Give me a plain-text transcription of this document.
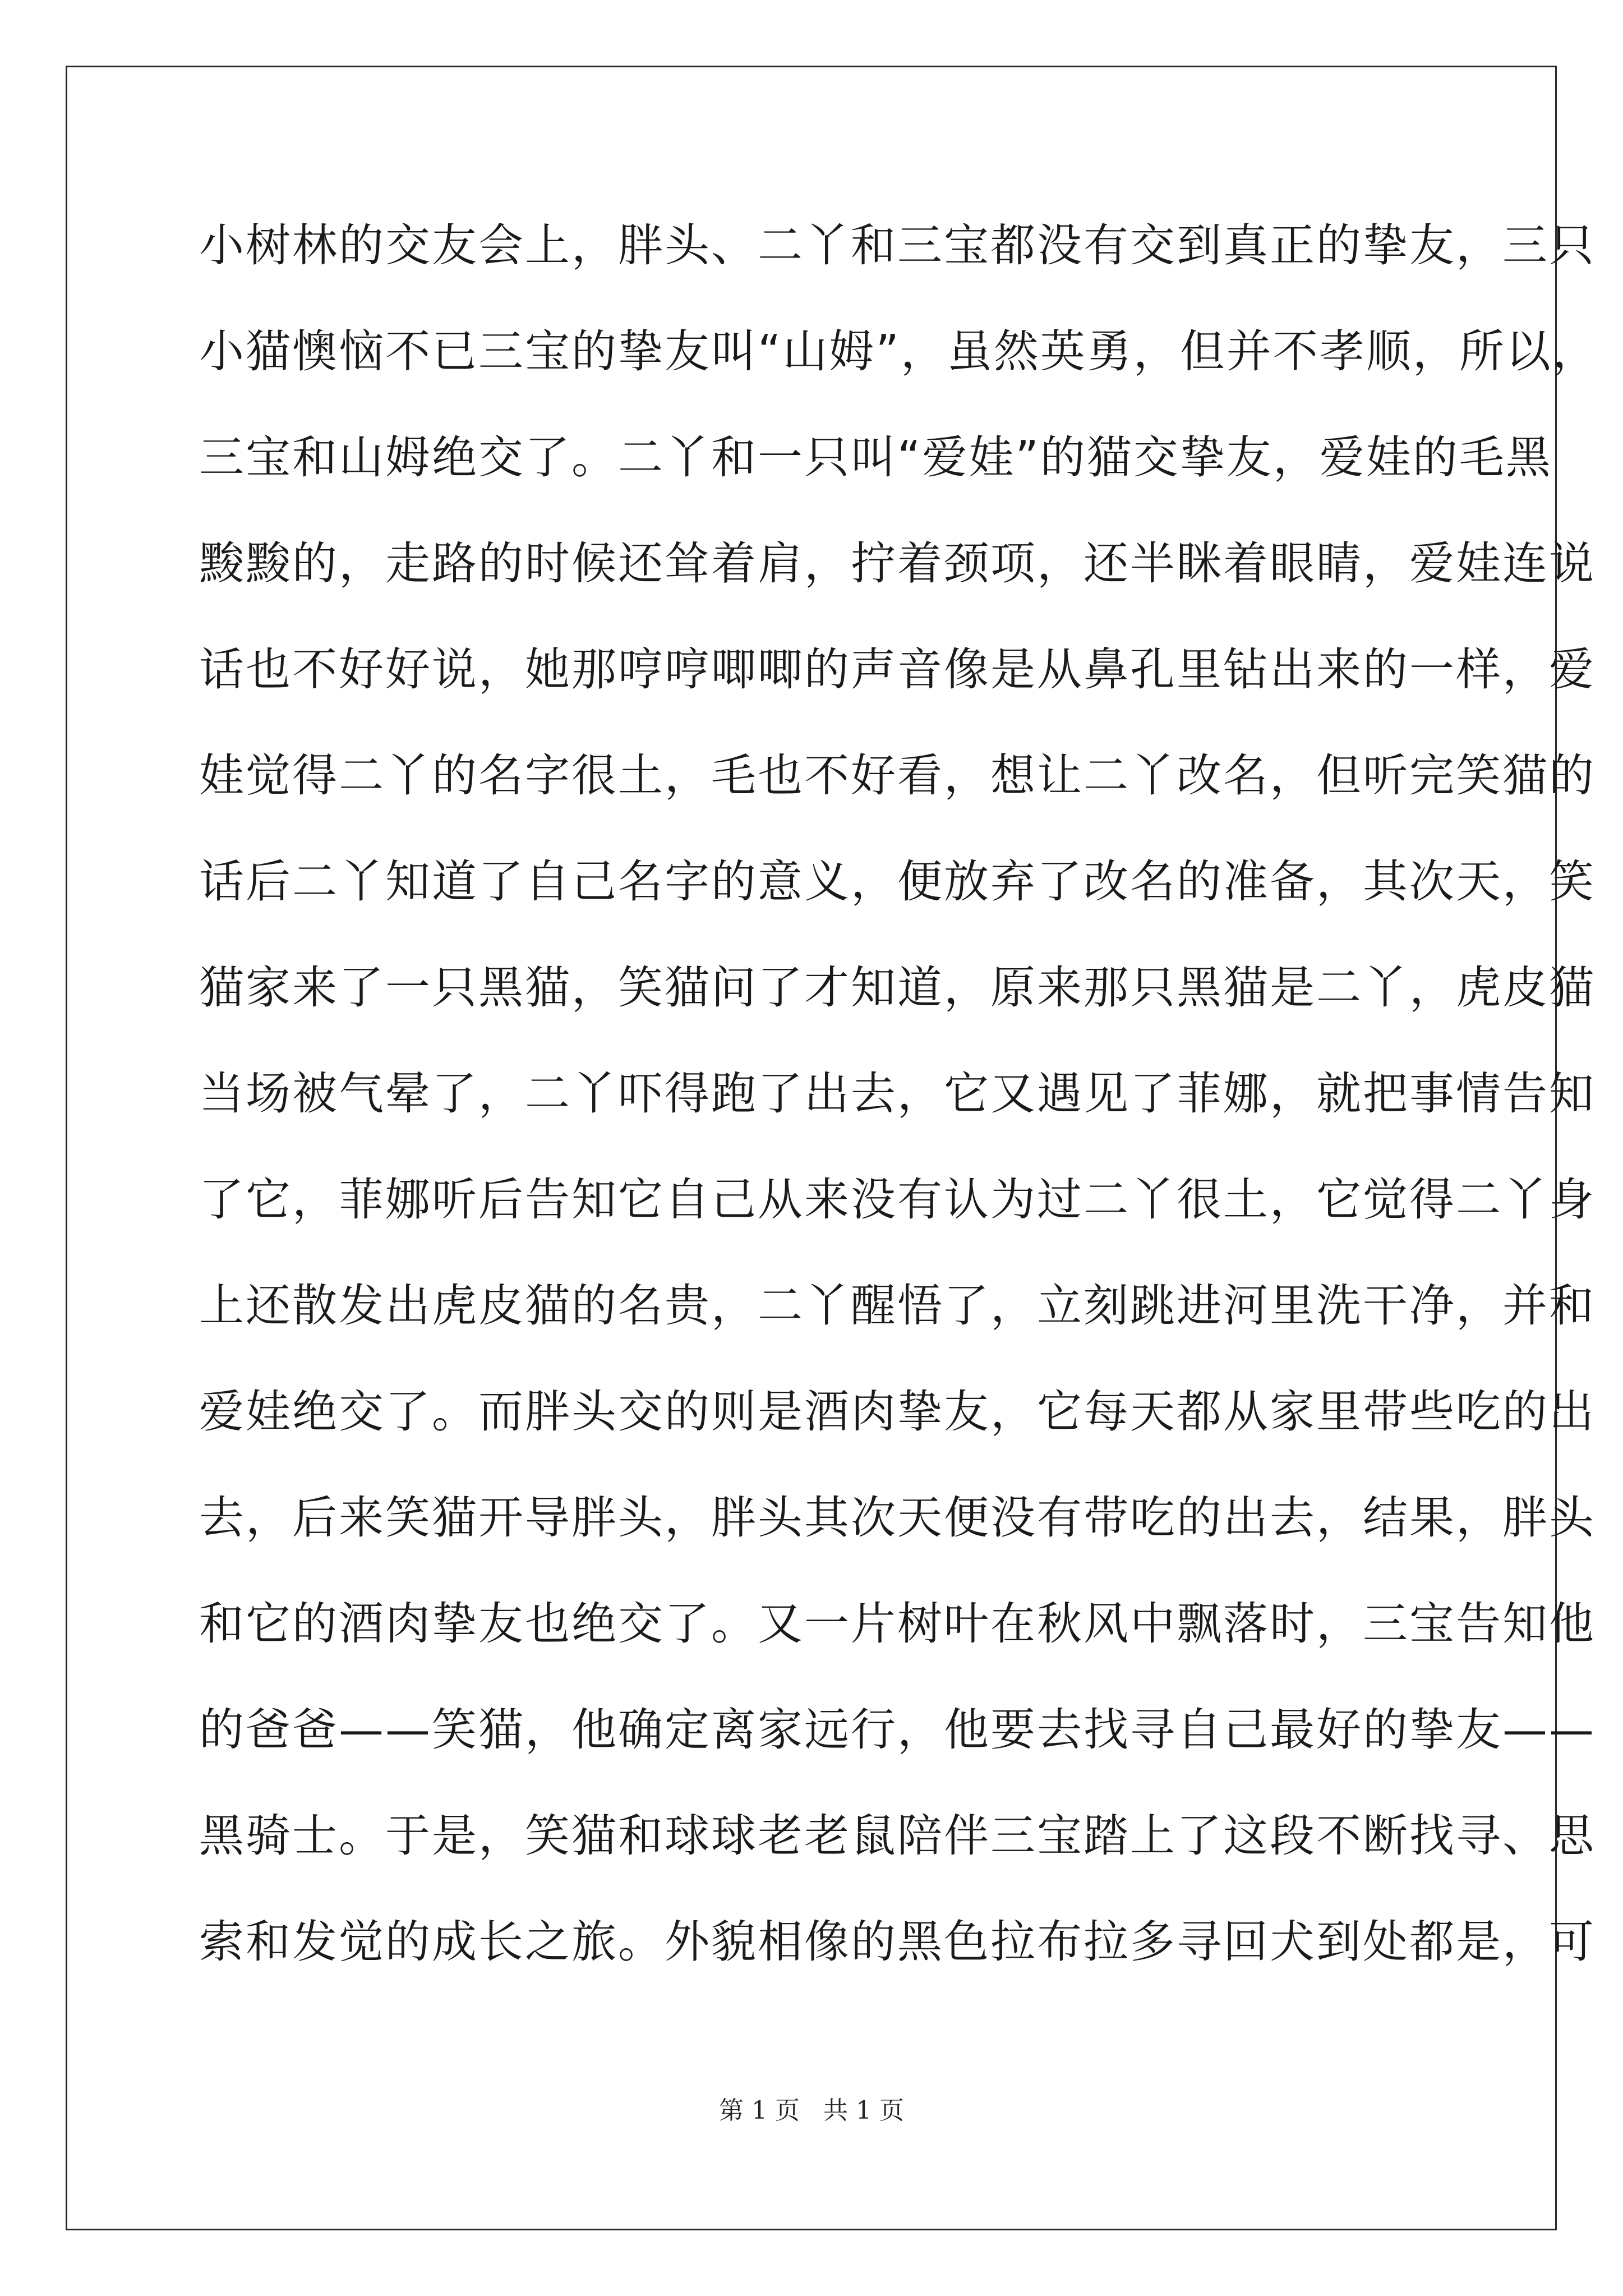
小树林的交友会上，胖头、二丫和三宝都没有交到真正的挚友，三只
小猫懊恼不已三宝的挚友叫“山姆”，虽然英勇，但并不孝顺，所以，
三宝和山姆绝交了。二丫和一只叫“爱娃”的猫交挚友，爱娃的毛黑
黢黢的，走路的时候还耸着肩，拧着颈项，还半眯着眼睛，爱娃连说
话也不好好说，她那哼哼唧唧的声音像是从鼻孔里钻出来的一样，爱
娃觉得二丫的名字很土，毛也不好看，想让二丫改名，但听完笑猫的
话后二丫知道了自己名字的意义，便放弃了改名的准备，其次天，笑
猫家来了一只黑猫，笑猫问了才知道，原来那只黑猫是二丫，虎皮猫
当场被气晕了，二丫吓得跑了出去，它又遇见了菲娜，就把事情告知
了它，菲娜听后告知它自己从来没有认为过二丫很土，它觉得二丫身
上还散发出虎皮猫的名贵，二丫醒悟了，立刻跳进河里洗干净，并和
爱娃绝交了。而胖头交的则是酒肉挚友，它每天都从家里带些吃的出
去，后来笑猫开导胖头，胖头其次天便没有带吃的出去，结果，胖头
和它的酒肉挚友也绝交了。又一片树叶在秋风中飘落时，三宝告知他
的爸爸——笑猫，他确定离家远行，他要去找寻自己最好的挚友——
黑骑士。于是，笑猫和球球老老鼠陪伴三宝踏上了这段不断找寻、思
索和发觉的成长之旅。外貌相像的黑色拉布拉多寻回犬到处都是，可
第 1 页   共 1 页
